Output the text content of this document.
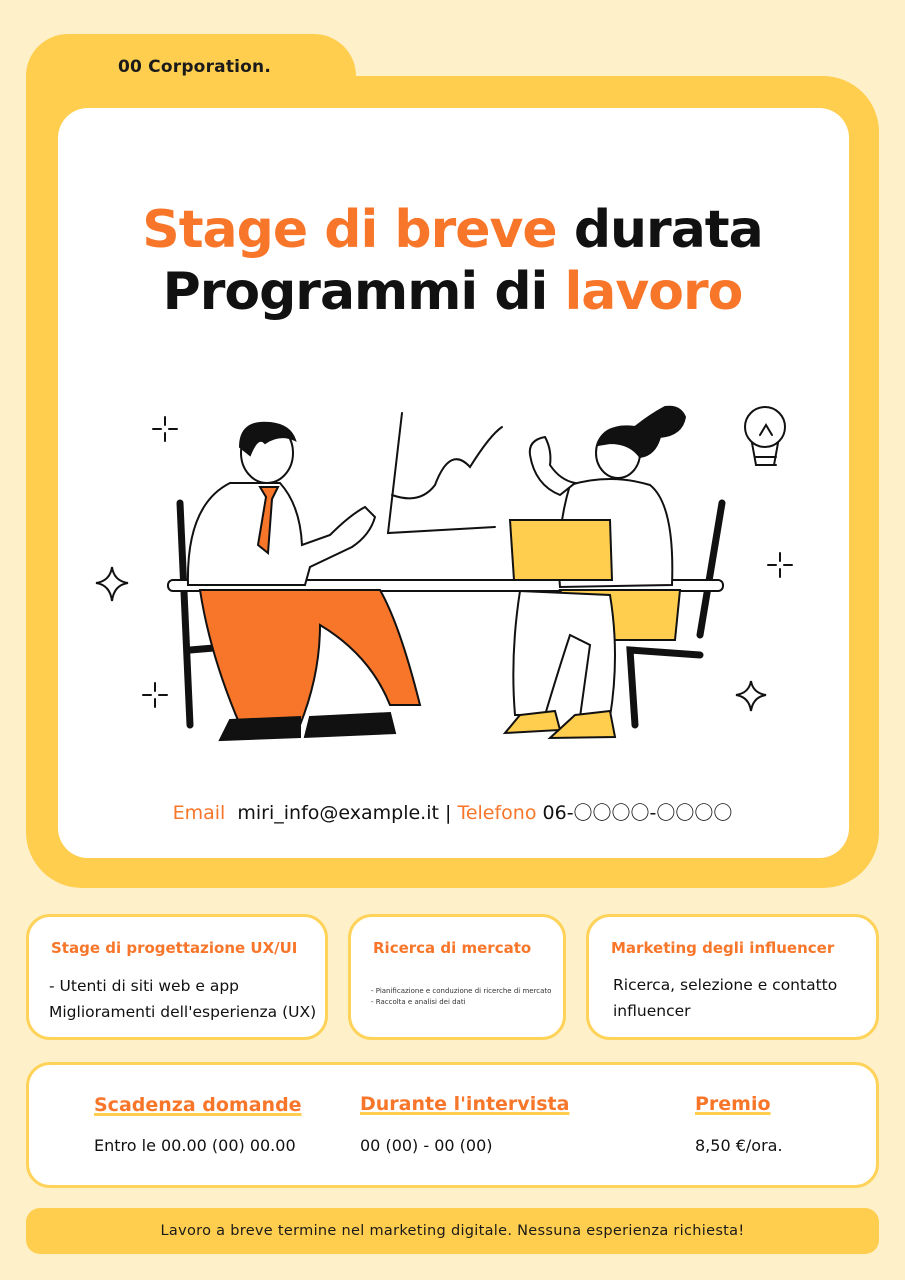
00 Corporation.
Stage di breve durata
Programmi di lavoro
Email miri_info@example.it | Telefono 06-〇〇〇〇-〇〇〇〇
Stage di progettazione UX/UI
- Utenti di siti web e app
Miglioramenti dell'esperienza (UX)
Ricerca di mercato
- Pianificazione e conduzione di ricerche di mercato
- Raccolta e analisi dei dati
Marketing degli influencer
Ricerca, selezione e contatto
influencer
Scadenza domande
Entro le 00.00 (00) 00.00
Durante l'intervista
00 (00) - 00 (00)
Premio
8,50 €/ora.
Lavoro a breve termine nel marketing digitale. Nessuna esperienza richiesta!
